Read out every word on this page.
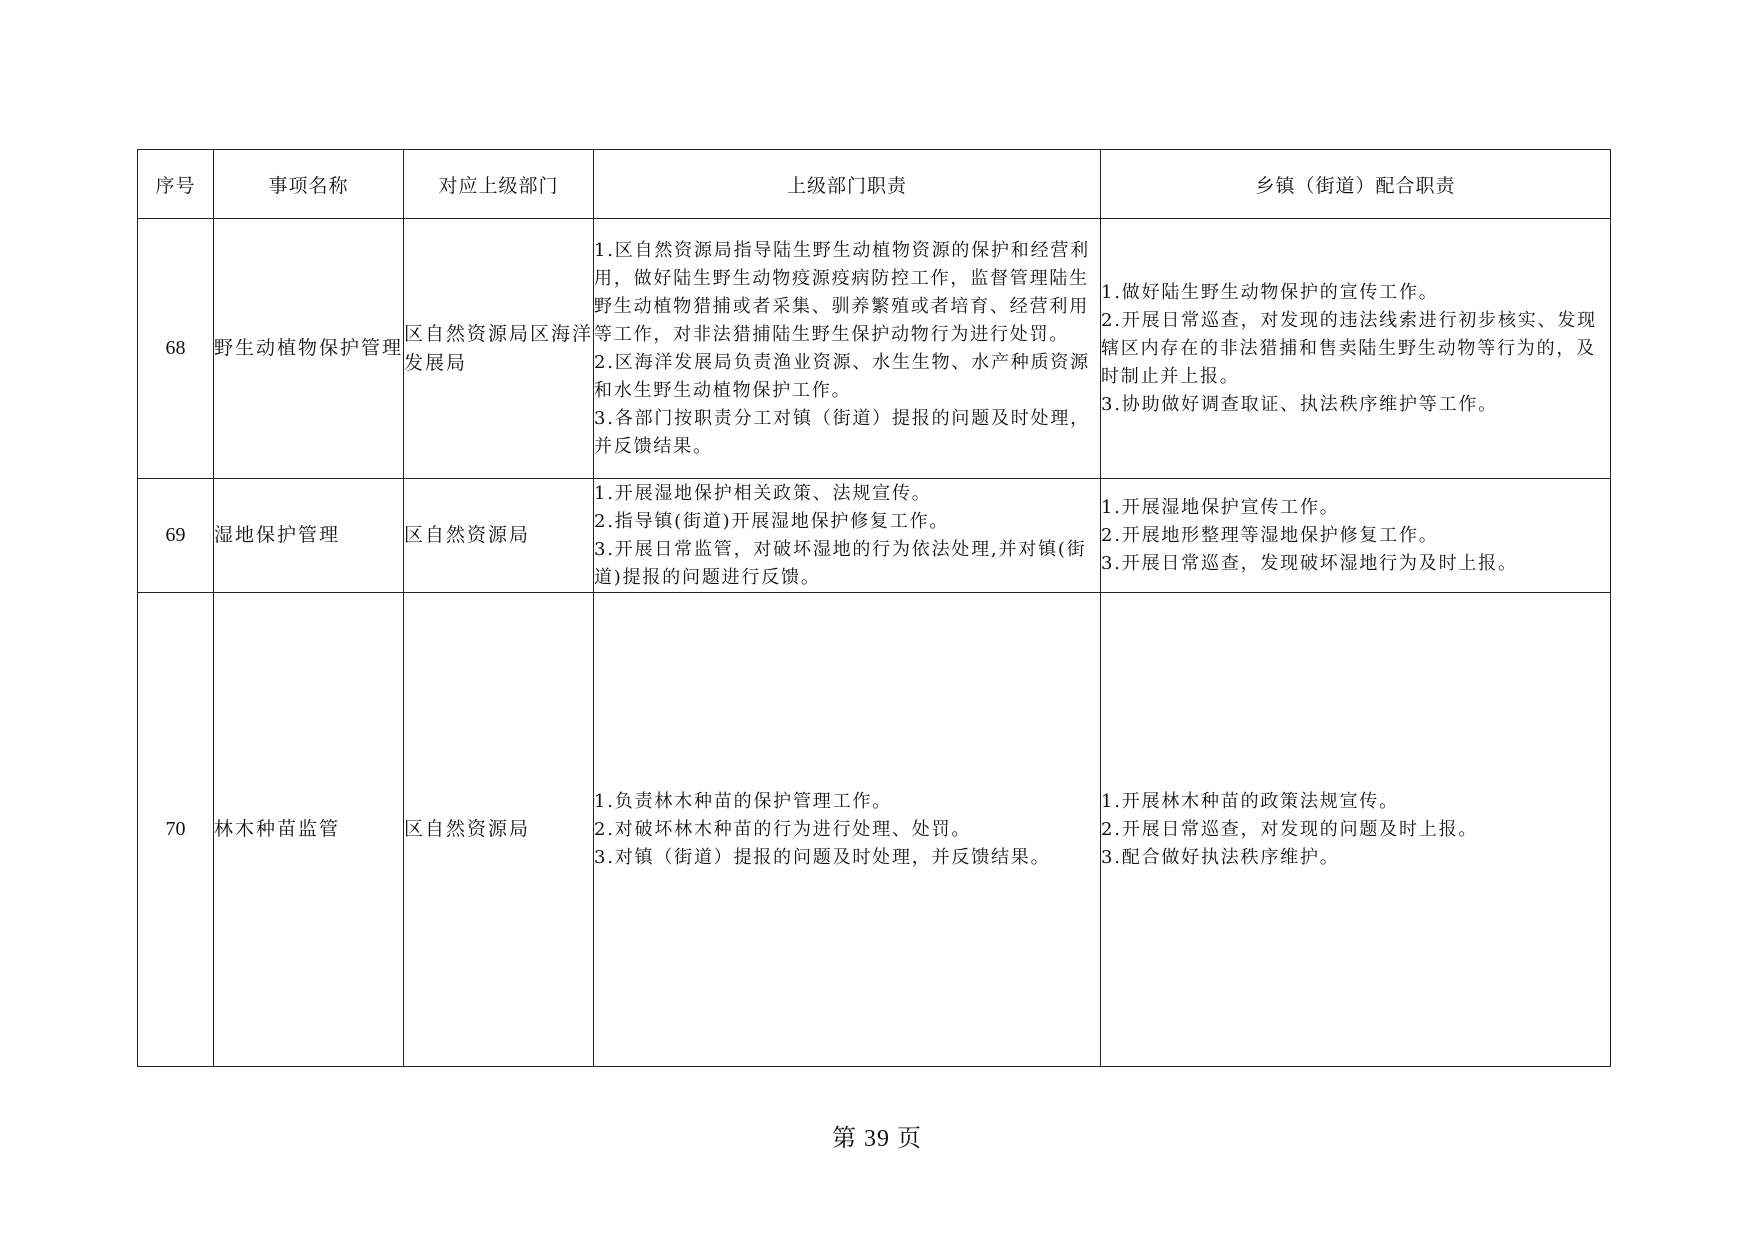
序号	事项名称	对应上级部门	上级部门职责	乡镇（街道）配合职责
68	野生动植物保护管理	区自然资源局区海洋发展局	1.区自然资源局指导陆生野生动植物资源的保护和经营利用，做好陆生野生动物疫源疫病防控工作，监督管理陆生野生动植物猎捕或者采集、驯养繁殖或者培育、经营利用等工作，对非法猎捕陆生野生保护动物行为进行处罚。
2.区海洋发展局负责渔业资源、水生生物、水产种质资源和水生野生动植物保护工作。
3.各部门按职责分工对镇（街道）提报的问题及时处理，并反馈结果。	1.做好陆生野生动物保护的宣传工作。
2.开展日常巡查，对发现的违法线索进行初步核实、发现辖区内存在的非法猎捕和售卖陆生野生动物等行为的，及时制止并上报。
3.协助做好调查取证、执法秩序维护等工作。

69	湿地保护管理	区自然资源局	1.开展湿地保护相关政策、法规宣传。
2.指导镇(街道)开展湿地保护修复工作。
3.开展日常监管，对破坏湿地的行为依法处理,并对镇(街道)提报的问题进行反馈。	1.开展湿地保护宣传工作。
2.开展地形整理等湿地保护修复工作。
3.开展日常巡查，发现破坏湿地行为及时上报。

70	林木种苗监管	区自然资源局	1.负责林木种苗的保护管理工作。
2.对破坏林木种苗的行为进行处理、处罚。
3.对镇（街道）提报的问题及时处理，并反馈结果。	1.开展林木种苗的政策法规宣传。
2.开展日常巡查，对发现的问题及时上报。
3.配合做好执法秩序维护。
第 39 页
